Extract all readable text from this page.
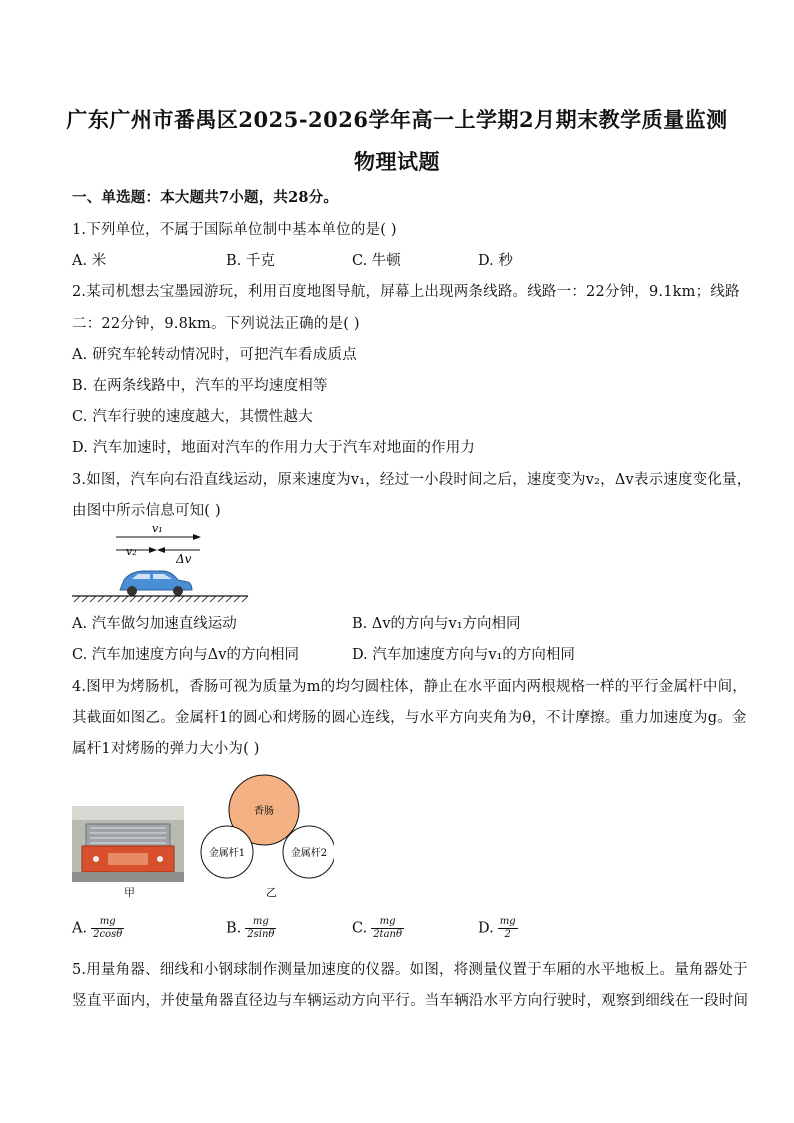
广东广州市番禺区2025-2026学年高一上学期2月期末教学质量监测
物理试题
一、单选题：本大题共7小题，共28分。
1.下列单位，不属于国际单位制中基本单位的是( )
A. 米	B. 千克	C. 牛顿	D. 秒
2.某司机想去宝墨园游玩，利用百度地图导航，屏幕上出现两条线路。线路一：22分钟，9.1km；线路
二：22分钟，9.8km。下列说法正确的是( )
A. 研究车轮转动情况时，可把汽车看成质点
B. 在两条线路中，汽车的平均速度相等
C. 汽车行驶的速度越大，其惯性越大
D. 汽车加速时，地面对汽车的作用力大于汽车对地面的作用力
3.如图，汽车向右沿直线运动，原来速度为v₁，经过一小段时间之后，速度变为v₂，Δv表示速度变化量，
由图中所示信息可知( )
v₁
v₂
Δv
A. 汽车做匀加速直线运动	B. Δv的方向与v₁方向相同
C. 汽车加速度方向与Δv的方向相同	D. 汽车加速度方向与v₁的方向相同
4.图甲为烤肠机，香肠可视为质量为m的均匀圆柱体，静止在水平面内两根规格一样的平行金属杆中间，
其截面如图乙。金属杆1的圆心和烤肠的圆心连线，与水平方向夹角为θ，不计摩擦。重力加速度为g。金
属杆1对烤肠的弹力大小为( )
甲
香肠
金属杆1	金属杆2
乙
A. $\frac{mg}{2\cos\theta}$	B. $\frac{mg}{2\sin\theta}$	C. $\frac{mg}{2\tan\theta}$	D. $\frac{mg}{2}$
5.用量角器、细线和小钢球制作测量加速度的仪器。如图，将测量仪置于车厢的水平地板上。量角器处于
竖直平面内，并使量角器直径边与车辆运动方向平行。当车辆沿水平方向行驶时，观察到细线在一段时间
